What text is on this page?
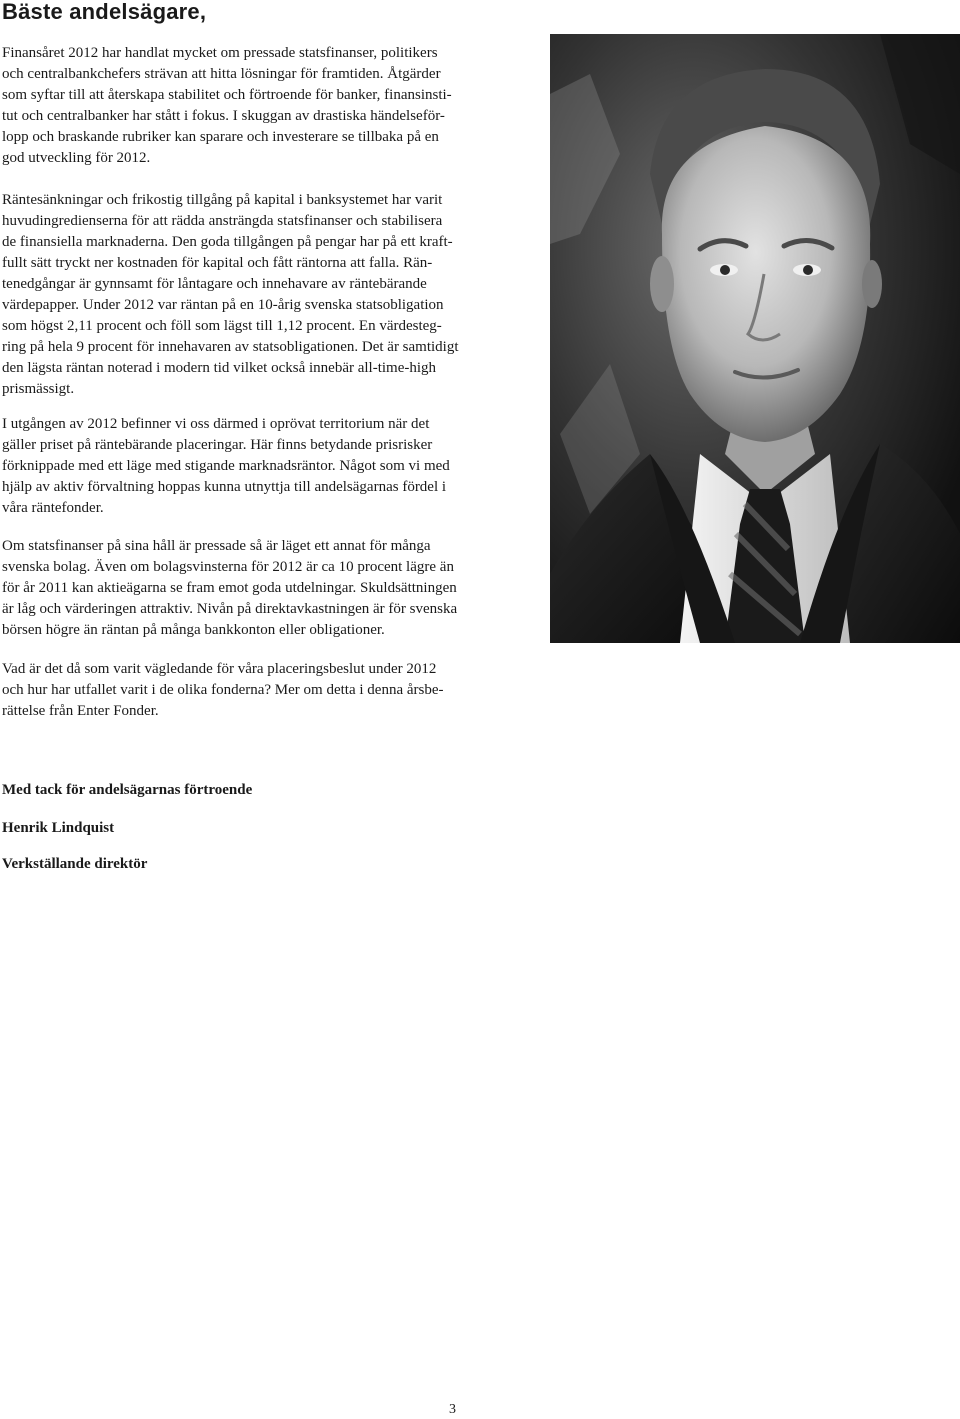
Bäste andelsägare,

Finansåret 2012 har handlat mycket om pressade statsfinanser, politikers
och centralbankchefers strävan att hitta lösningar för framtiden. Åtgärder
som syftar till att återskapa stabilitet och förtroende för banker, finansinsti-
tut och centralbanker har stått i fokus. I skuggan av drastiska händelseför-
lopp och braskande rubriker kan sparare och investerare se tillbaka på en
god utveckling för 2012.

Räntesänkningar och frikostig tillgång på kapital i banksystemet har varit
huvudingredienserna för att rädda ansträngda statsfinanser och stabilisera
de finansiella marknaderna. Den goda tillgången på pengar har på ett kraft-
fullt sätt tryckt ner kostnaden för kapital och fått räntorna att falla. Rän-
tenedgångar är gynnsamt för låntagare och innehavare av räntebärande
värdepapper. Under 2012 var räntan på en 10-årig svenska statsobligation
som högst 2,11 procent och föll som lägst till 1,12 procent. En värdesteg-
ring på hela 9 procent för innehavaren av statsobligationen. Det är samtidigt
den lägsta räntan noterad i modern tid vilket också innebär all-time-high
prismässigt.

I utgången av 2012 befinner vi oss därmed i oprövat territorium när det
gäller priset på räntebärande placeringar. Här finns betydande prisrisker
förknippade med ett läge med stigande marknadsräntor. Något som vi med
hjälp av aktiv förvaltning hoppas kunna utnyttja till andelsägarnas fördel i
våra räntefonder.

Om statsfinanser på sina håll är pressade så är läget ett annat för många
svenska bolag. Även om bolagsvinsterna för 2012 är ca 10 procent lägre än
för år 2011 kan aktieägarna se fram emot goda utdelningar. Skuldsättningen
är låg och värderingen attraktiv. Nivån på direktavkastningen är för svenska
börsen högre än räntan på många bankkonton eller obligationer.

Vad är det då som varit vägledande för våra placeringsbeslut under 2012
och hur har utfallet varit i de olika fonderna? Mer om detta i denna årsbe-
rättelse från Enter Fonder.

Med tack för andelsägarnas förtroende

Henrik Lindquist

Verkställande direktör

3
